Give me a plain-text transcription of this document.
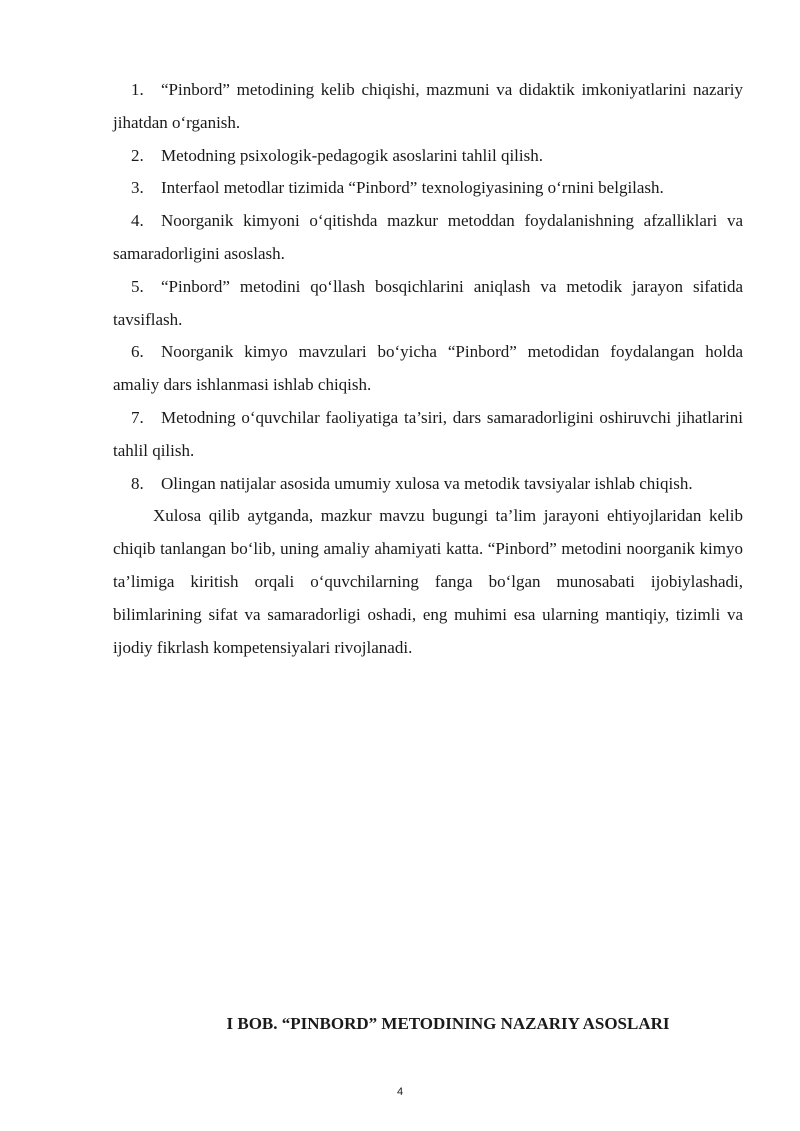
1. “Pinbord” metodining kelib chiqishi, mazmuni va didaktik imkoniyatlarini nazariy jihatdan o‘rganish.

2. Metodning psixologik-pedagogik asoslarini tahlil qilish.

3. Interfaol metodlar tizimida “Pinbord” texnologiyasining o‘rnini belgilash.

4. Noorganik kimyoni o‘qitishda mazkur metoddan foydalanishning afzalliklari va samaradorligini asoslash.

5. “Pinbord” metodini qo‘llash bosqichlarini aniqlash va metodik jarayon sifatida tavsiflash.

6. Noorganik kimyo mavzulari bo‘yicha “Pinbord” metodidan foydalangan holda amaliy dars ishlanmasi ishlab chiqish.

7. Metodning o‘quvchilar faoliyatiga ta’siri, dars samaradorligini oshiruvchi jihatlarini tahlil qilish.

8. Olingan natijalar asosida umumiy xulosa va metodik tavsiyalar ishlab chiqish.

Xulosa qilib aytganda, mazkur mavzu bugungi ta’lim jarayoni ehtiyojlaridan kelib chiqib tanlangan bo‘lib, uning amaliy ahamiyati katta. “Pinbord” metodini noorganik kimyo ta’limiga kiritish orqali o‘quvchilarning fanga bo‘lgan munosabati ijobiylashadi, bilimlarining sifat va samaradorligi oshadi, eng muhimi esa ularning mantiqiy, tizimli va ijodiy fikrlash kompetensiyalari rivojlanadi.

I BOB. “PINBORD” METODINING NAZARIY ASOSLARI

4
